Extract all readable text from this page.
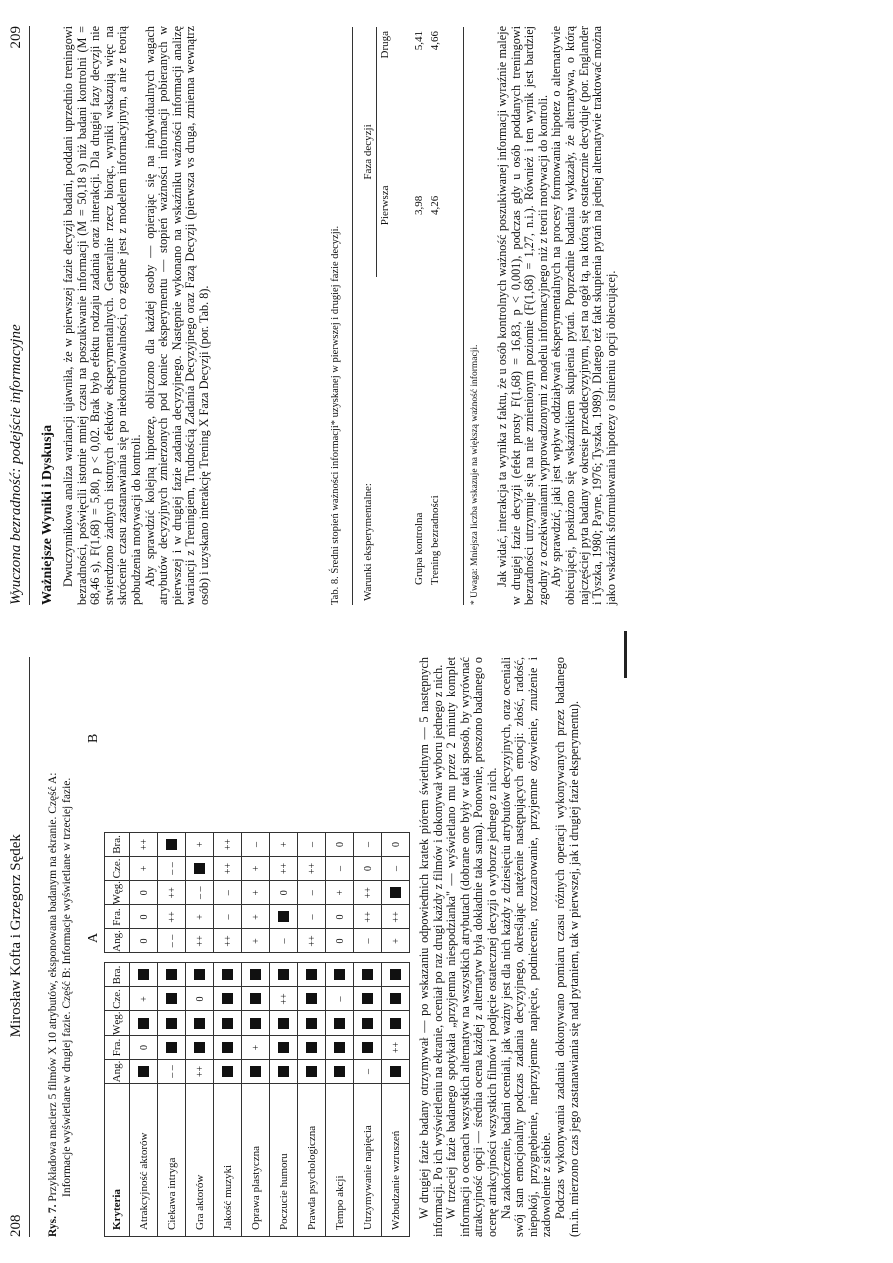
208
Mirosław Kofta i Grzegorz Sędek
Rys. 7. Przykładowa macierz 5 filmów X 10 atrybutów, eksponowana badanym na ekranie. Część A: Informacje wyświetlane w drugiej fazie. Część B: Informacje wyświetlane w trzeciej fazie. A
B
Kryteria	Ang.	Fra.	Węg.	Cze.	Bra.		Ang.	Fra.	Węg.	Cze.	Bra.
Atrakcyjność aktorów		0		+			0	0	0	+	++
Ciekawa intryga	– –						– –	++	++	– –	
Gra aktorów	++			0			++	+	– –		+
Jakość muzyki							++	–	–	++	++
Oprawa plastyczna		+					+	+	+	+	–
Poczucie humoru				++			–		0	++	+
Prawda psychologiczna							++	–	–	++	–
Tempo akcji				–			0	0	+	–	0
Utrzymywanie napięcia	–						–	++	++	0	–
Wzbudzanie wzruszeń		++					+	++		–	0 W drugiej fazie badany otrzymywał — po wskazaniu odpowiednich kratek piórem świetlnym — 5 następnych informacji. Po ich wyświetleniu na ekranie, oceniał po raz drugi każdy z filmów i dokonywał wyboru jednego z nich. W trzeciej fazie badanego spotykała „przyjemna niespodzianka" — wyświetlano mu przez 2 minuty komplet informacji o ocenach wszystkich alternatyw na wszystkich atrybutach (dobrane one były w taki sposób, by wyrównać atrakcyjność opcji — średnia ocena każdej z alternatyw była dokładnie taka sama). Ponownie, proszono badanego o ocenę atrakcyjności wszystkich filmów i podjęcie ostatecznej decyzji o wyborze jednego z nich. Na zakończenie, badani oceniali, jak ważny jest dla nich każdy z dziesięciu atrybutów decyzyjnych, oraz oceniali swój stan emocjonalny podczas zadania decyzyjnego, określając natężenie następujących emocji: złość, radość, niepokój, przygnębienie, nieprzyjemne napięcie, podniecenie, rozczarowanie, przyjemne ożywienie, znużenie i zadowolenie z siebie. Podczas wykonywania zadania dokonywano pomiaru czasu różnych operacji wykonywanych przez badanego (m.in. mierzono czas jego zastanawiania się nad pytaniem, tak w pierwszej, jak i drugiej fazie eksperymentu).

Wyuczona bezradność: podejście informacyjne
209
Ważniejsze Wyniki i Dyskusja Dwuczynnikowa analiza wariancji ujawniła, że w pierwszej fazie decyzji badani, poddani uprzednio treningowi bezradności, poświęcili istotnie mniej czasu na poszukiwanie informacji (M = 50,18 s) niż badani kontrolni (M = 68,46 s), F(1,68) = 5,80, p < 0,02. Brak było efektu rodzaju zadania oraz interakcji. Dla drugiej fazy decyzji nie stwierdzono żadnych istotnych efektów eksperymentalnych. Generalnie rzecz biorąc, wyniki wskazują więc na skrócenie czasu zastanawiania się po niekontrolowalności, co zgodne jest z modelem informacyjnym, a nie z teorią pobudzenia motywacji do kontroli. Aby sprawdzić kolejną hipotezę, obliczono dla każdej osoby — opierając się na indywidualnych wagach atrybutów decyzyjnych zmierzonych pod koniec eksperymentu — stopień ważności informacji pobieranych w pierwszej i w drugiej fazie zadania decyzyjnego. Następnie wykonano na wskaźniku ważności informacji analizę wariancji z Treningiem, Trudnością Zadania Decyzyjnego oraz Fazą Decyzji (pierwsza vs druga, zmienna wewnątrz osób) i uzyskano interakcję Trening X Faza Decyzji (por. Tab. 8).	Tab. 8. Średni stopień ważności informacji* uzyskanej w pierwszej i drugiej fazie decyzji. Warunki eksperymentalne:	Faza decyzji	
	Pierwsza	Druga

Grupa kontrolna	3,98	5,41
Trening bezradności	4,26	4,66
* Uwaga: Mniejsza liczba wskazuje na większą ważność informacji. Jak widać, interakcja ta wynika z faktu, że u osób kontrolnych ważność poszukiwanej informacji wyraźnie maleje w drugiej fazie decyzji (efekt prosty F(1,68) = 16,83, p < 0,001), podczas gdy u osób poddanych treningowi bezradności utrzymuje się na nie zmienionym poziomie (F(1,68) = 1,27, n.i.). Również i ten wynik jest bardziej zgodny z oczekiwaniami wyprowadzonymi z modelu informacyjnego niż z teorii motywacji do kontroli. Aby sprawdzić, jaki jest wpływ oddziaływań eksperymentalnych na procesy formowania hipotez o alternatywie obiecującej, posłużono się wskaźnikiem skupienia pytań. Poprzednie badania wykazały, że alternatywa, o którą najczęściej pyta badany w okresie przeddecyzyjnym, jest na ogół tą, na którą się ostatecznie decyduje (por. Englander i Tyszka, 1980; Payne, 1976; Tyszka, 1989). Dlatego też fakt skupienia pytań na jednej alternatywie traktować można jako wskaźnik sformułowania hipotezy o istnieniu opcji obiecującej.
